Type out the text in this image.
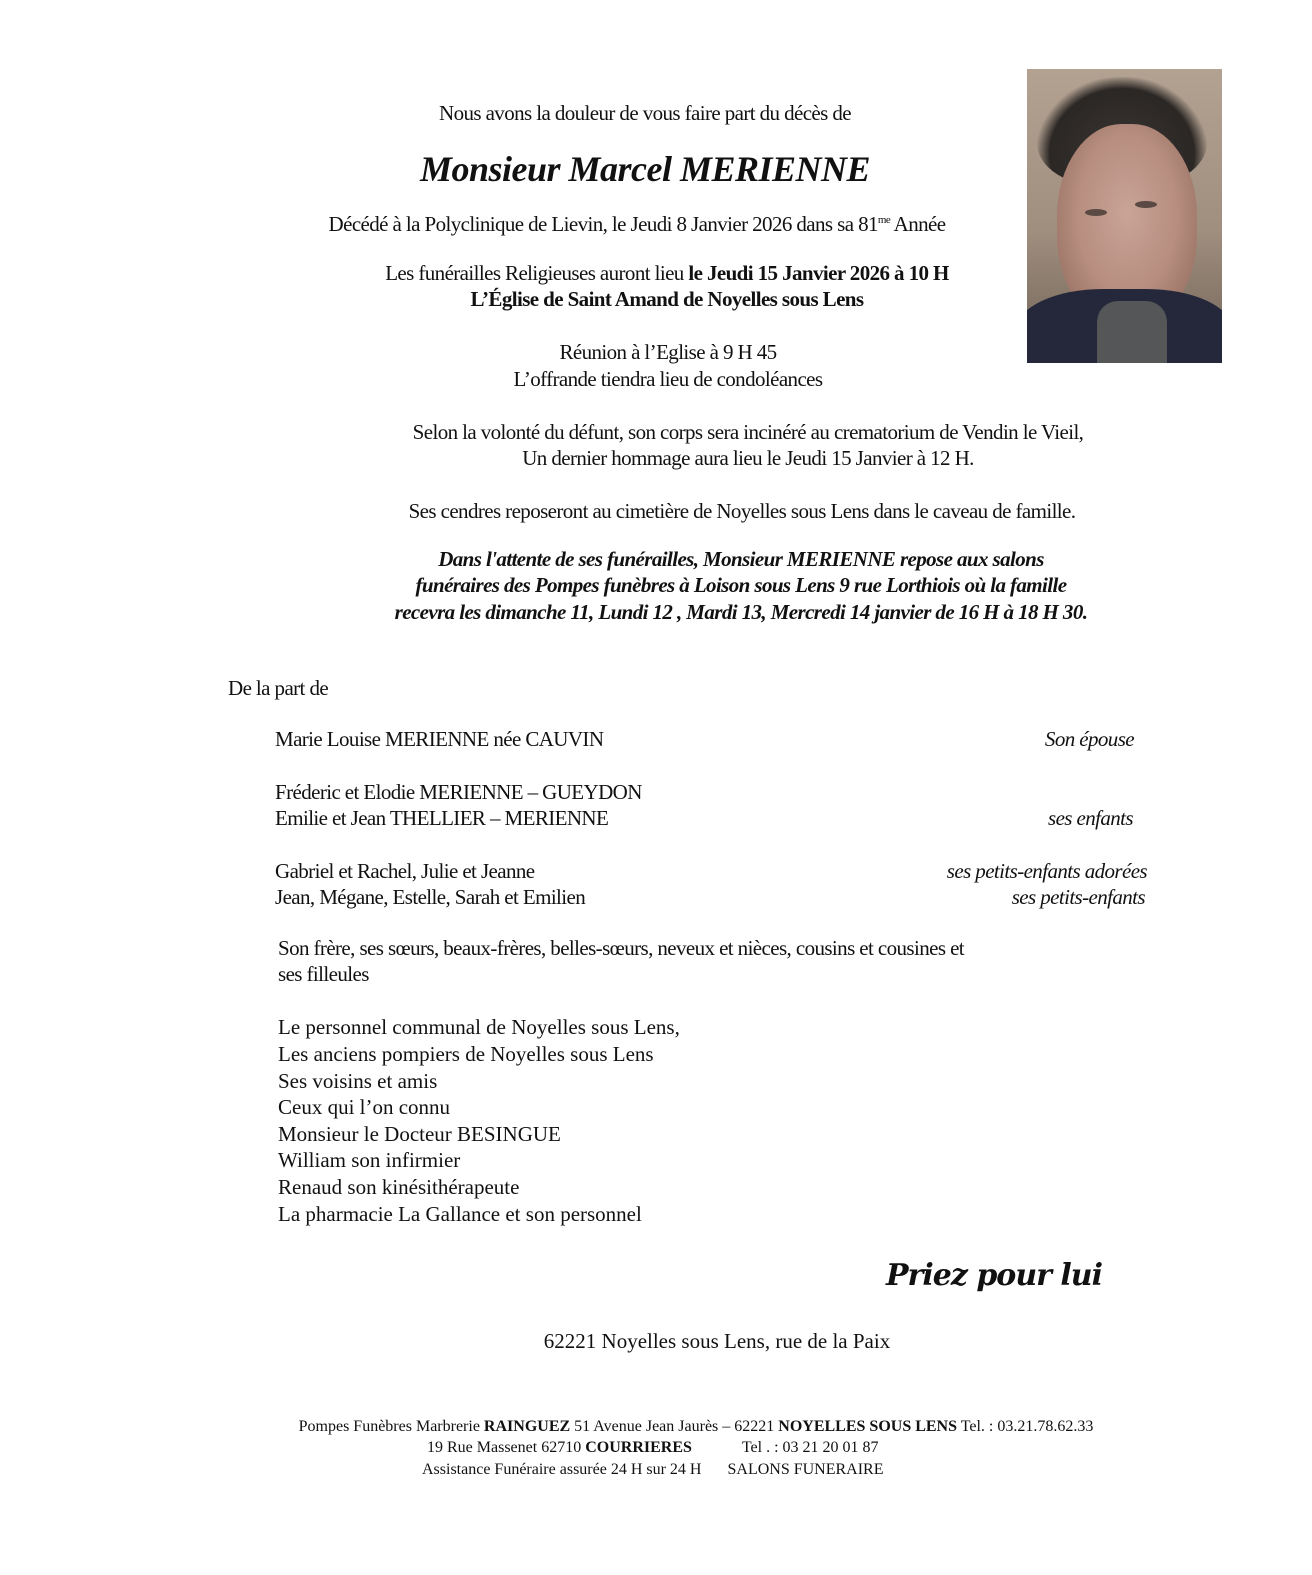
Nous avons la douleur de vous faire part du décès de
Monsieur Marcel MERIENNE
Décédé à la Polyclinique de Lievin, le Jeudi 8 Janvier 2026 dans sa $81^{me}$ Année
Les funérailles Religieuses auront lieu le Jeudi 15 Janvier 2026 à 10 H
L’Église de Saint Amand de Noyelles sous Lens
Réunion à l’Eglise à 9 H 45
L’offrande tiendra lieu de condoléances
Selon la volonté du défunt, son corps sera incinéré au crematorium de Vendin le Vieil,
Un dernier hommage aura lieu le Jeudi 15 Janvier à 12 H.
Ses cendres reposeront au cimetière de Noyelles sous Lens dans le caveau de famille.
Dans l'attente de ses funérailles, Monsieur MERIENNE repose aux salons
funéraires des Pompes funèbres à Loison sous Lens 9 rue Lorthiois où la famille
recevra les dimanche 11, Lundi 12 , Mardi 13, Mercredi 14 janvier de 16 H à 18 H 30.
De la part de
Marie Louise MERIENNE née CAUVIN	Son épouse
Fréderic et Elodie MERIENNE – GUEYDON
Emilie et Jean THELLIER – MERIENNE	ses enfants
Gabriel et Rachel, Julie et Jeanne	ses petits-enfants adorées
Jean, Mégane, Estelle, Sarah et Emilien	ses petits-enfants
Son frère, ses sœurs, beaux-frères, belles-sœurs, neveux et nièces, cousins et cousines et
ses filleules
Le personnel communal de Noyelles sous Lens,
Les anciens pompiers de Noyelles sous Lens
Ses voisins et amis
Ceux qui l’on connu
Monsieur le Docteur BESINGUE
William son infirmier
Renaud son kinésithérapeute
La pharmacie La Gallance et son personnel
Priez pour lui
62221 Noyelles sous Lens, rue de la Paix
Pompes Funèbres Marbrerie RAINGUEZ 51 Avenue Jean Jaurès – 62221 NOYELLES SOUS LENS Tel. : 03.21.78.62.33
19 Rue Massenet 62710 COURRIERES	Tel . : 03 21 20 01 87
Assistance Funéraire assurée 24 H sur 24 H SALONS FUNERAIRE
